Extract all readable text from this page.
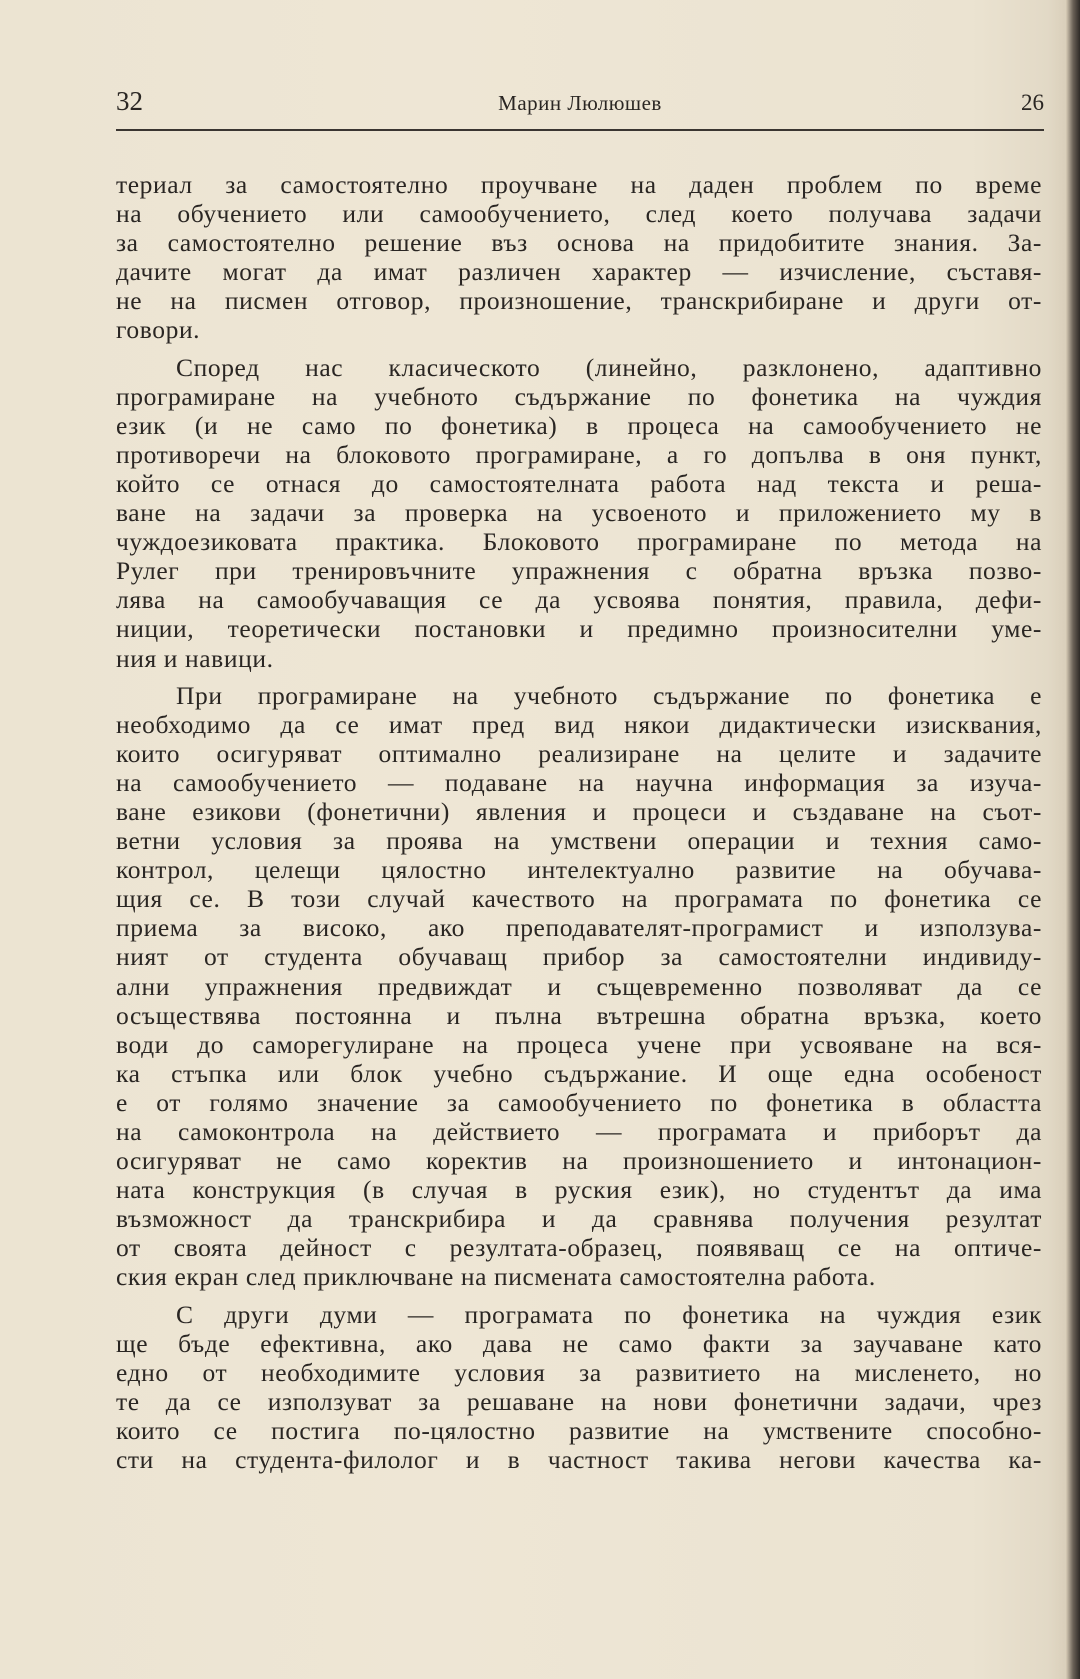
32	Марин Люлюшев	26
териал за самостоятелно проучване на даден проблем по време
на обучението или самообучението, след което получава задачи
за самостоятелно решение въз основа на придобитите знания. За-
дачите могат да имат различен характер — изчисление, съставя-
не на писмен отговор, произношение, транскрибиране и други от-
говори.
Според нас класическото (линейно, разклонено, адаптивно
програмиране на учебното съдържание по фонетика на чуждия
език (и не само по фонетика) в процеса на самообучението не
противоречи на блоковото програмиране, а го допълва в оня пункт,
който се отнася до самостоятелната работа над текста и реша-
ване на задачи за проверка на усвоеното и приложението му в
чуждоезиковата практика. Блоковото програмиране по метода на
Рулег при тренировъчните упражнения с обратна връзка позво-
лява на самообучаващия се да усвоява понятия, правила, дефи-
ниции, теоретически постановки и предимно произносителни уме-
ния и навици.
При програмиране на учебното съдържание по фонетика е
необходимо да се имат пред вид някои дидактически изисквания,
които осигуряват оптимално реализиране на целите и задачите
на самообучението — подаване на научна информация за изуча-
ване езикови (фонетични) явления и процеси и създаване на съот-
ветни условия за проява на умствени операции и техния само-
контрол, целещи цялостно интелектуално развитие на обучава-
щия се. В този случай качеството на програмата по фонетика се
приема за високо, ако преподавателят-програмист и използува-
ният от студента обучаващ прибор за самостоятелни индивиду-
ални упражнения предвиждат и същевременно позволяват да се
осъществява постоянна и пълна вътрешна обратна връзка, което
води до саморегулиране на процеса учене при усвояване на вся-
ка стъпка или блок учебно съдържание. И още една особеност
е от голямо значение за самообучението по фонетика в областта
на самоконтрола на действието — програмата и приборът да
осигуряват не само коректив на произношението и интонацион-
ната конструкция (в случая в руския език), но студентът да има
възможност да транскрибира и да сравнява получения резултат
от своята дейност с резултата-образец, появяващ се на оптиче-
ския екран след приключване на писмената самостоятелна работа.
С други думи — програмата по фонетика на чуждия език
ще бъде ефективна, ако дава не само факти за заучаване като
едно от необходимите условия за развитието на мисленето, но
те да се използуват за решаване на нови фонетични задачи, чрез
които се постига по-цялостно развитие на умствените способно-
сти на студента-филолог и в частност такива негови качества ка-
